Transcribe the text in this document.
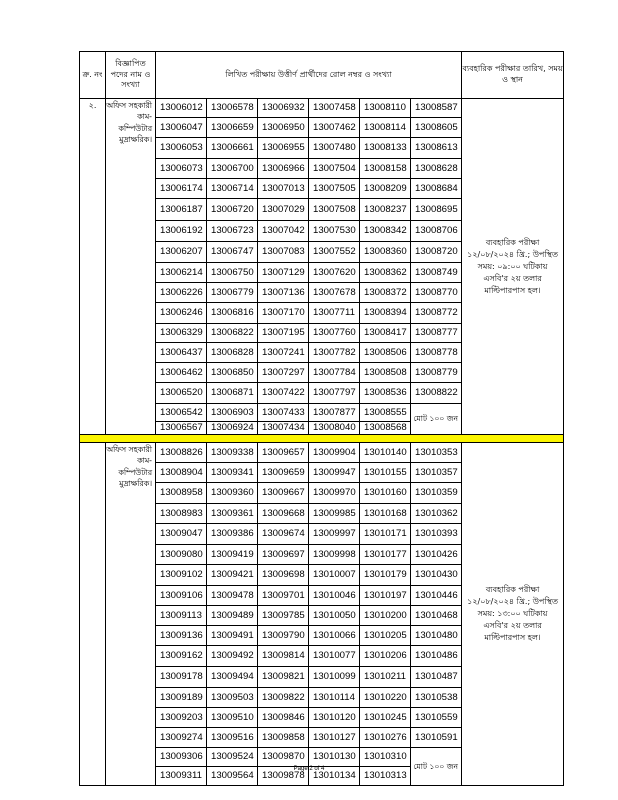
ক্র. নং	বিজ্ঞাপিত পদের নাম ও সংখ্যা	লিখিত পরীক্ষায় উত্তীর্ণ প্রার্থীদের রোল নম্বর ও সংখ্যা						ব্যবহারিক পরীক্ষার তারিখ, সময় ও স্থান
২.	অফিস সহকারী কাম- কম্পিউটার মুদ্রাক্ষরিক।	13006012	13006578	13006932	13007458	13008110	13008587	ব্যবহারিক পরীক্ষা ১২/০৮/২০২৪ খ্রি.; উপস্থিত সময়: ০৯:০০ ঘটিকায় এসবি'র ২য় তলার মাল্টিপারপাস হল।
		13006047	13006659	13006950	13007462	13008114	13008605	
		13006053	13006661	13006955	13007480	13008133	13008613	
		13006073	13006700	13006966	13007504	13008158	13008628	
		13006174	13006714	13007013	13007505	13008209	13008684	
		13006187	13006720	13007029	13007508	13008237	13008695	
		13006192	13006723	13007042	13007530	13008342	13008706	
		13006207	13006747	13007083	13007552	13008360	13008720	
		13006214	13006750	13007129	13007620	13008362	13008749	
		13006226	13006779	13007136	13007678	13008372	13008770	
		13006246	13006816	13007170	13007711	13008394	13008772	
		13006329	13006822	13007195	13007760	13008417	13008777	
		13006437	13006828	13007241	13007782	13008506	13008778	
		13006462	13006850	13007297	13007784	13008508	13008779	
		13006520	13006871	13007422	13007797	13008536	13008822	
		13006542	13006903	13007433	13007877	13008555	মোট ১০০ জন	
		13006567	13006924	13007434	13008040	13008568		

	অফিস সহকারী কাম- কম্পিউটার মুদ্রাক্ষরিক।	13008826	13009338	13009657	13009904	13010140	13010353	ব্যবহারিক পরীক্ষা ১২/০৮/২০২৪ খ্রি.; উপস্থিত সময়: ১৩:০০ ঘটিকায় এসবি'র ২য় তলার মাল্টিপারপাস হল।
		13008904	13009341	13009659	13009947	13010155	13010357	
		13008958	13009360	13009667	13009970	13010160	13010359	
		13008983	13009361	13009668	13009985	13010168	13010362	
		13009047	13009386	13009674	13009997	13010171	13010393	
		13009080	13009419	13009697	13009998	13010177	13010426	
		13009102	13009421	13009698	13010007	13010179	13010430	
		13009106	13009478	13009701	13010046	13010197	13010446	
		13009113	13009489	13009785	13010050	13010200	13010468	
		13009136	13009491	13009790	13010066	13010205	13010480	
		13009162	13009492	13009814	13010077	13010206	13010486	
		13009178	13009494	13009821	13010099	13010211	13010487	
		13009189	13009503	13009822	13010114	13010220	13010538	
		13009203	13009510	13009846	13010120	13010245	13010559	
		13009274	13009516	13009858	13010127	13010276	13010591	
		13009306	13009524	13009870	13010130	13010310	মোট ১০০ জন	
		13009311	13009564	13009878	13010134	13010313		
Page 2 of 4
